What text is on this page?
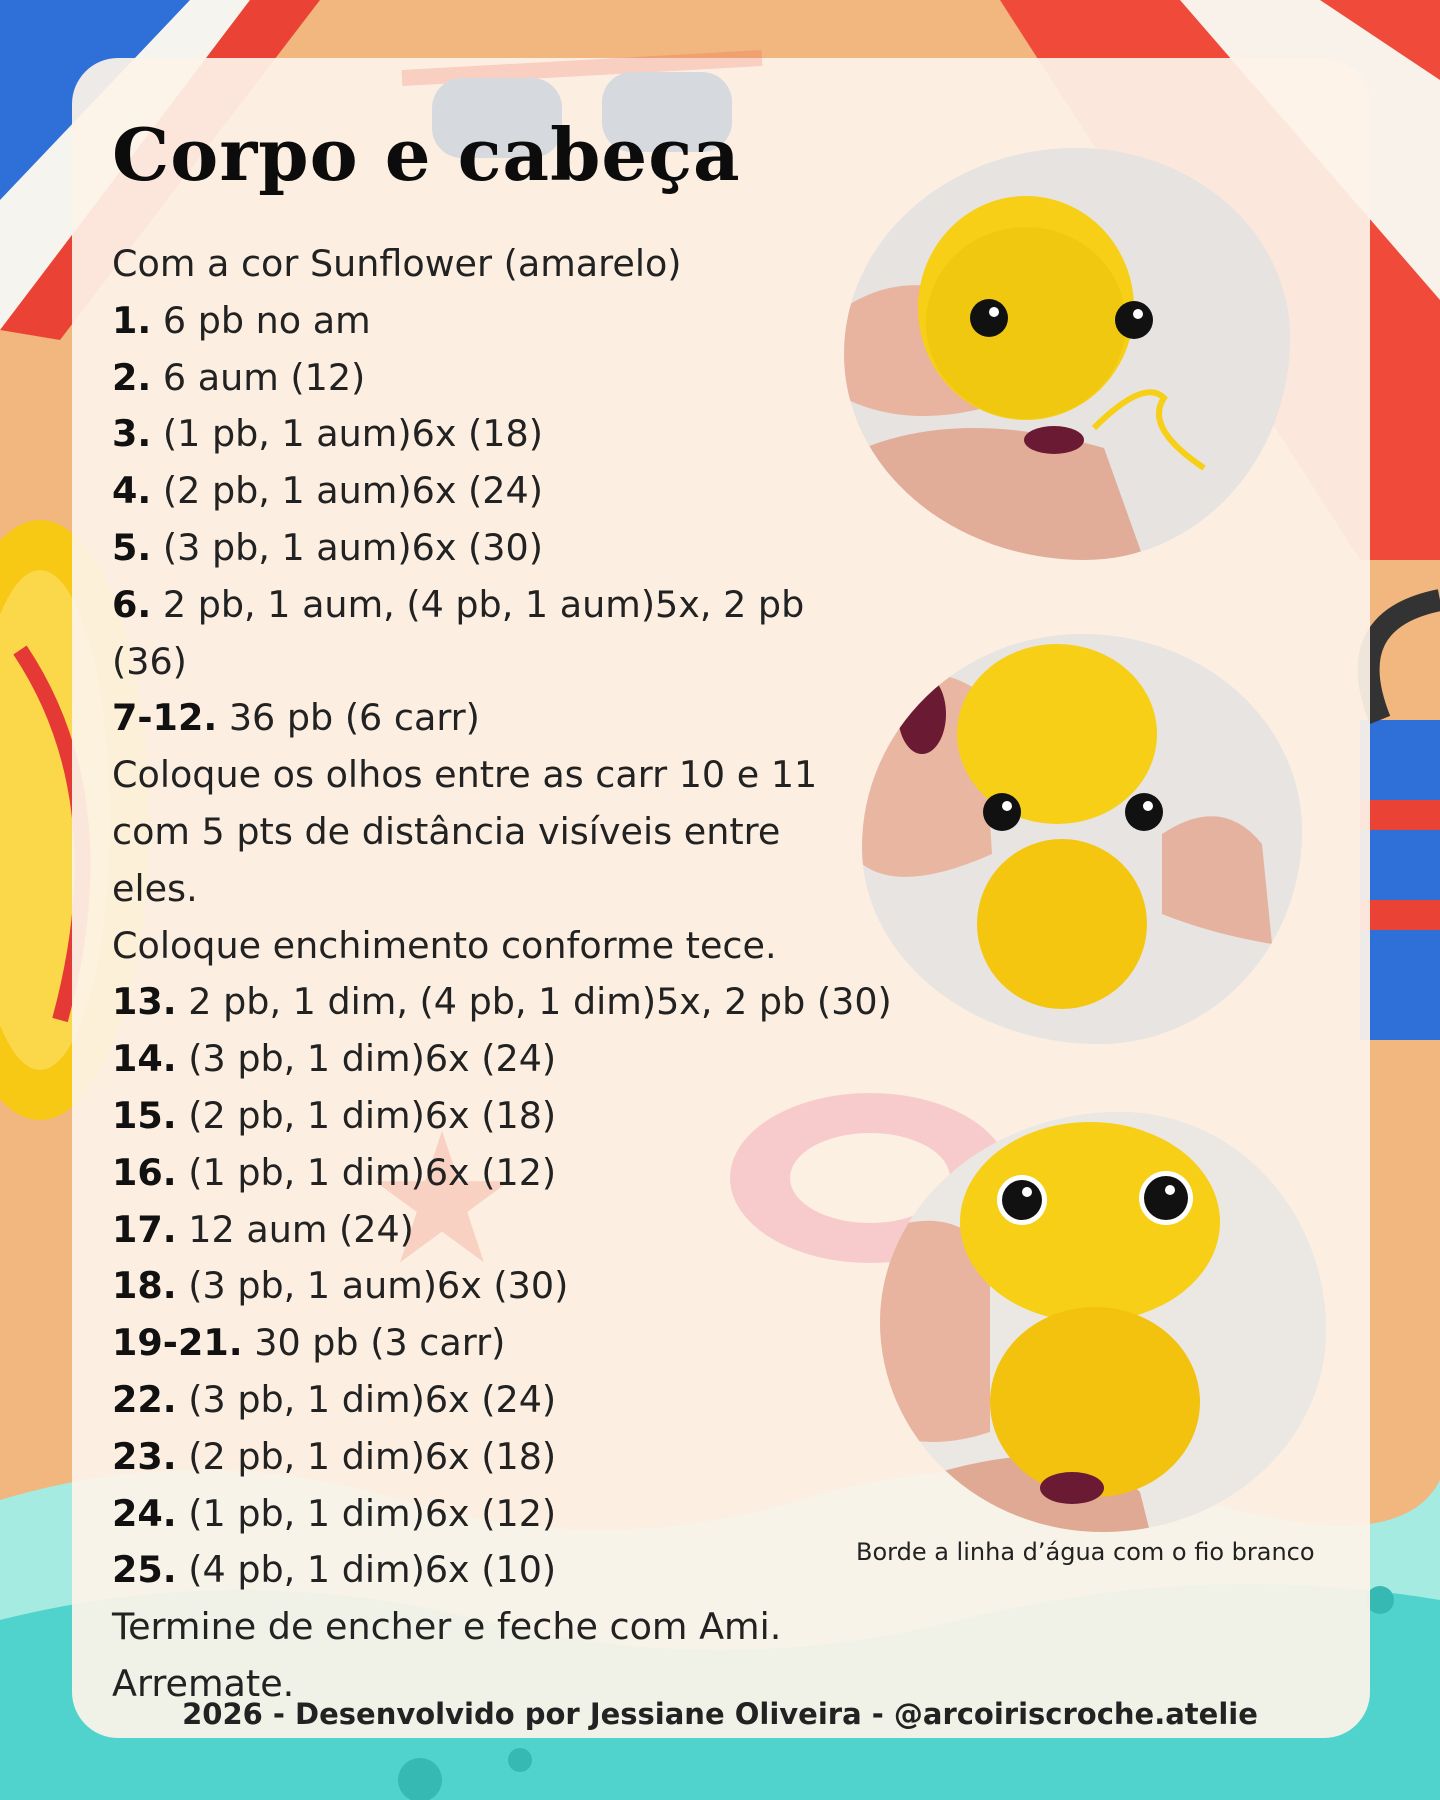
Corpo e cabeça

Com a cor Sunflower (amarelo)

1. 6 pb no am

2. 6 aum (12)

3. (1 pb, 1 aum)6x (18)

4. (2 pb, 1 aum)6x (24)

5. (3 pb, 1 aum)6x (30)

6. 2 pb, 1 aum, (4 pb, 1 aum)5x, 2 pb

(36)

7-12. 36 pb (6 carr)

Coloque os olhos entre as carr 10 e 11

com 5 pts de distância visíveis entre

eles.

Coloque enchimento conforme tece.

13. 2 pb, 1 dim, (4 pb, 1 dim)5x, 2 pb (30)

14. (3 pb, 1 dim)6x (24)

15. (2 pb, 1 dim)6x (18)

16. (1 pb, 1 dim)6x (12)

17. 12 aum (24)

18. (3 pb, 1 aum)6x (30)

19-21. 30 pb (3 carr)

22. (3 pb, 1 dim)6x (24)

23. (2 pb, 1 dim)6x (18)

24. (1 pb, 1 dim)6x (12)

25. (4 pb, 1 dim)6x (10)

Termine de encher e feche com Ami.

Arremate.

Borde a linha d’água com o fio branco
2026 - Desenvolvido por Jessiane Oliveira - @arcoiriscroche.atelie
